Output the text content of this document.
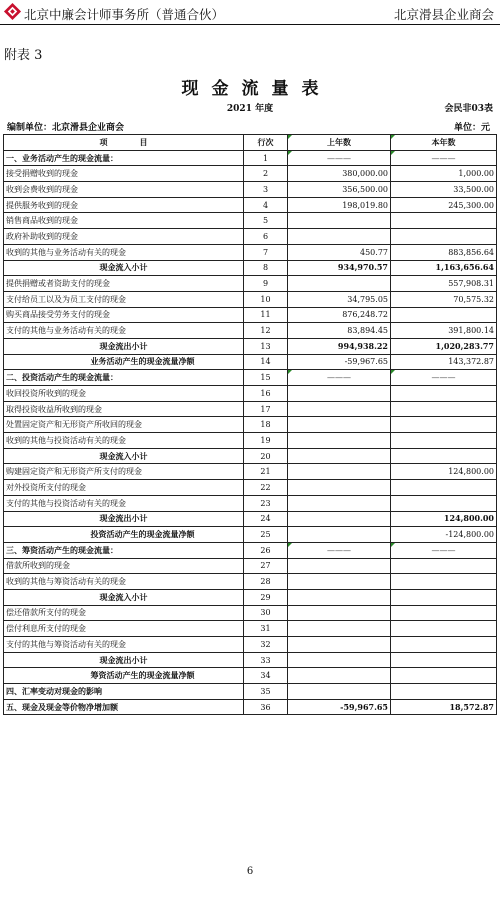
北京中廉会计师事务所（普通合伙）	北京滑县企业商会
附表 3
现金流量表
2021 年度	会民非03表
编制单位：北京滑县企业商会	单位：元
项　　　　目	行次	上年数	本年数
一、业务活动产生的现金流量：	1	———	———
接受捐赠收到的现金	2	380,000.00	1,000.00
收到会费收到的现金	3	356,500.00	33,500.00
提供服务收到的现金	4	198,019.80	245,300.00
销售商品收到的现金	5		
政府补助收到的现金	6		
收到的其他与业务活动有关的现金	7	450.77	883,856.64
现金流入小计	8	934,970.57	1,163,656.64
提供捐赠或者资助支付的现金	9		557,908.31
支付给员工以及为员工支付的现金	10	34,795.05	70,575.32
购买商品接受劳务支付的现金	11	876,248.72	
支付的其他与业务活动有关的现金	12	83,894.45	391,800.14
现金流出小计	13	994,938.22	1,020,283.77
业务活动产生的现金流量净额	14	-59,967.65	143,372.87
二、投资活动产生的现金流量：	15	———	———
收回投资所收到的现金	16		
取得投资收益所收到的现金	17		
处置固定资产和无形资产所收回的现金	18		
收到的其他与投资活动有关的现金	19		
现金流入小计	20		
购建固定资产和无形资产所支付的现金	21		124,800.00
对外投资所支付的现金	22		
支付的其他与投资活动有关的现金	23		
现金流出小计	24		124,800.00
投资活动产生的现金流量净额	25		-124,800.00
三、筹资活动产生的现金流量：	26	———	———
借款所收到的现金	27		
收到的其他与筹资活动有关的现金	28		
现金流入小计	29		
偿还借款所支付的现金	30		
偿付利息所支付的现金	31		
支付的其他与筹资活动有关的现金	32		
现金流出小计	33		
筹资活动产生的现金流量净额	34		
四、汇率变动对现金的影响	35		
五、现金及现金等价物净增加额	36	-59,967.65	18,572.87
6
